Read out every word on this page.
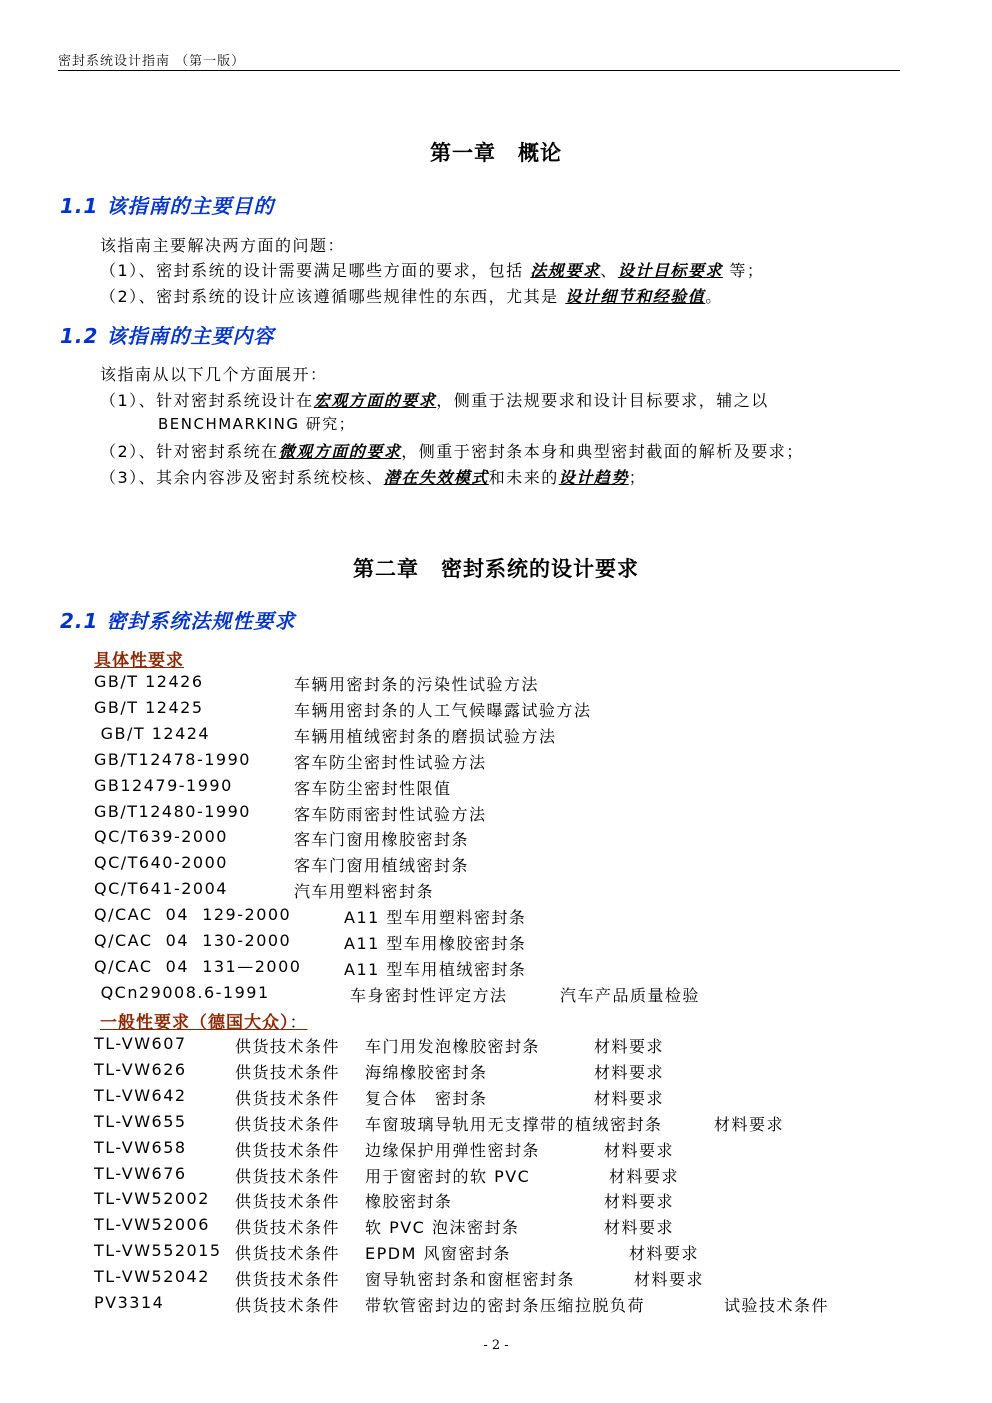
密封系统设计指南 （第一版）
第一章　概论
1.1 该指南的主要目的
该指南主要解决两方面的问题：
（1）、密封系统的设计需要满足哪些方面的要求，包括 法规要求、设计目标要求 等；
（2）、密封系统的设计应该遵循哪些规律性的东西，尤其是 设计细节和经验值。
1.2 该指南的主要内容
该指南从以下几个方面展开：
（1）、针对密封系统设计在宏观方面的要求，侧重于法规要求和设计目标要求，辅之以
BENCHMARKING 研究；
（2）、针对密封系统在微观方面的要求，侧重于密封条本身和典型密封截面的解析及要求；
（3）、其余内容涉及密封系统校核、潜在失效模式和未来的设计趋势；
第二章　密封系统的设计要求
2.1 密封系统法规性要求
具体性要求
GB/T 12426	车辆用密封条的污染性试验方法
GB/T 12425	车辆用密封条的人工气候曝露试验方法
GB/T 12424	车辆用植绒密封条的磨损试验方法
GB/T12478-1990	客车防尘密封性试验方法
GB12479-1990	客车防尘密封性限值
GB/T12480-1990	客车防雨密封性试验方法
QC/T639-2000	客车门窗用橡胶密封条
QC/T640-2000	客车门窗用植绒密封条
QC/T641-2004	汽车用塑料密封条
Q/CAC  04  129-2000	A11 型车用塑料密封条
Q/CAC  04  130-2000	A11 型车用橡胶密封条
Q/CAC  04  131—2000	A11 型车用植绒密封条
QCn29008.6-1991	车身密封性评定方法	汽车产品质量检验
一般性要求（德国大众）：
TL-VW607	供货技术条件 车门用发泡橡胶密封条	材料要求
TL-VW626	供货技术条件 海绵橡胶密封条	材料要求
TL-VW642	供货技术条件 复合体　密封条	材料要求
TL-VW655	供货技术条件 车窗玻璃导轨用无支撑带的植绒密封条	材料要求
TL-VW658	供货技术条件 边缘保护用弹性密封条	材料要求
TL-VW676	供货技术条件 用于窗密封的软 PVC	材料要求
TL-VW52002 供货技术条件 橡胶密封条	材料要求
TL-VW52006 供货技术条件 软 PVC 泡沫密封条	材料要求
TL-VW552015 供货技术条件 EPDM 风窗密封条	材料要求
TL-VW52042 供货技术条件 窗导轨密封条和窗框密封条	材料要求
PV3314	供货技术条件 带软管密封边的密封条压缩拉脱负荷	试验技术条件
- 2 -
